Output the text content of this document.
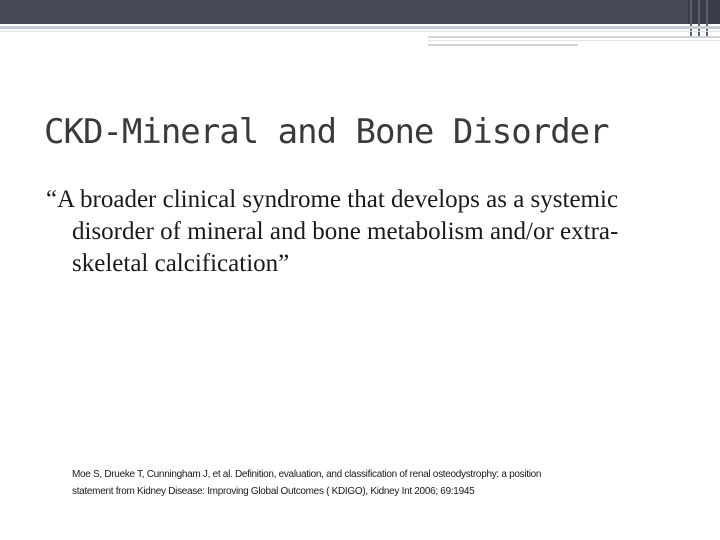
CKD-Mineral and Bone Disorder
“A broader clinical syndrome that develops as a systemic disorder of mineral and bone metabolism and/or extra- skeletal calcification”
Moe S, Drueke T, Cunningham J, et al. Definition, evaluation, and classification of renal osteodystrophy: a position
statement from Kidney Disease: Improving Global Outcomes ( KDIGO), Kidney Int 2006; 69:1945
